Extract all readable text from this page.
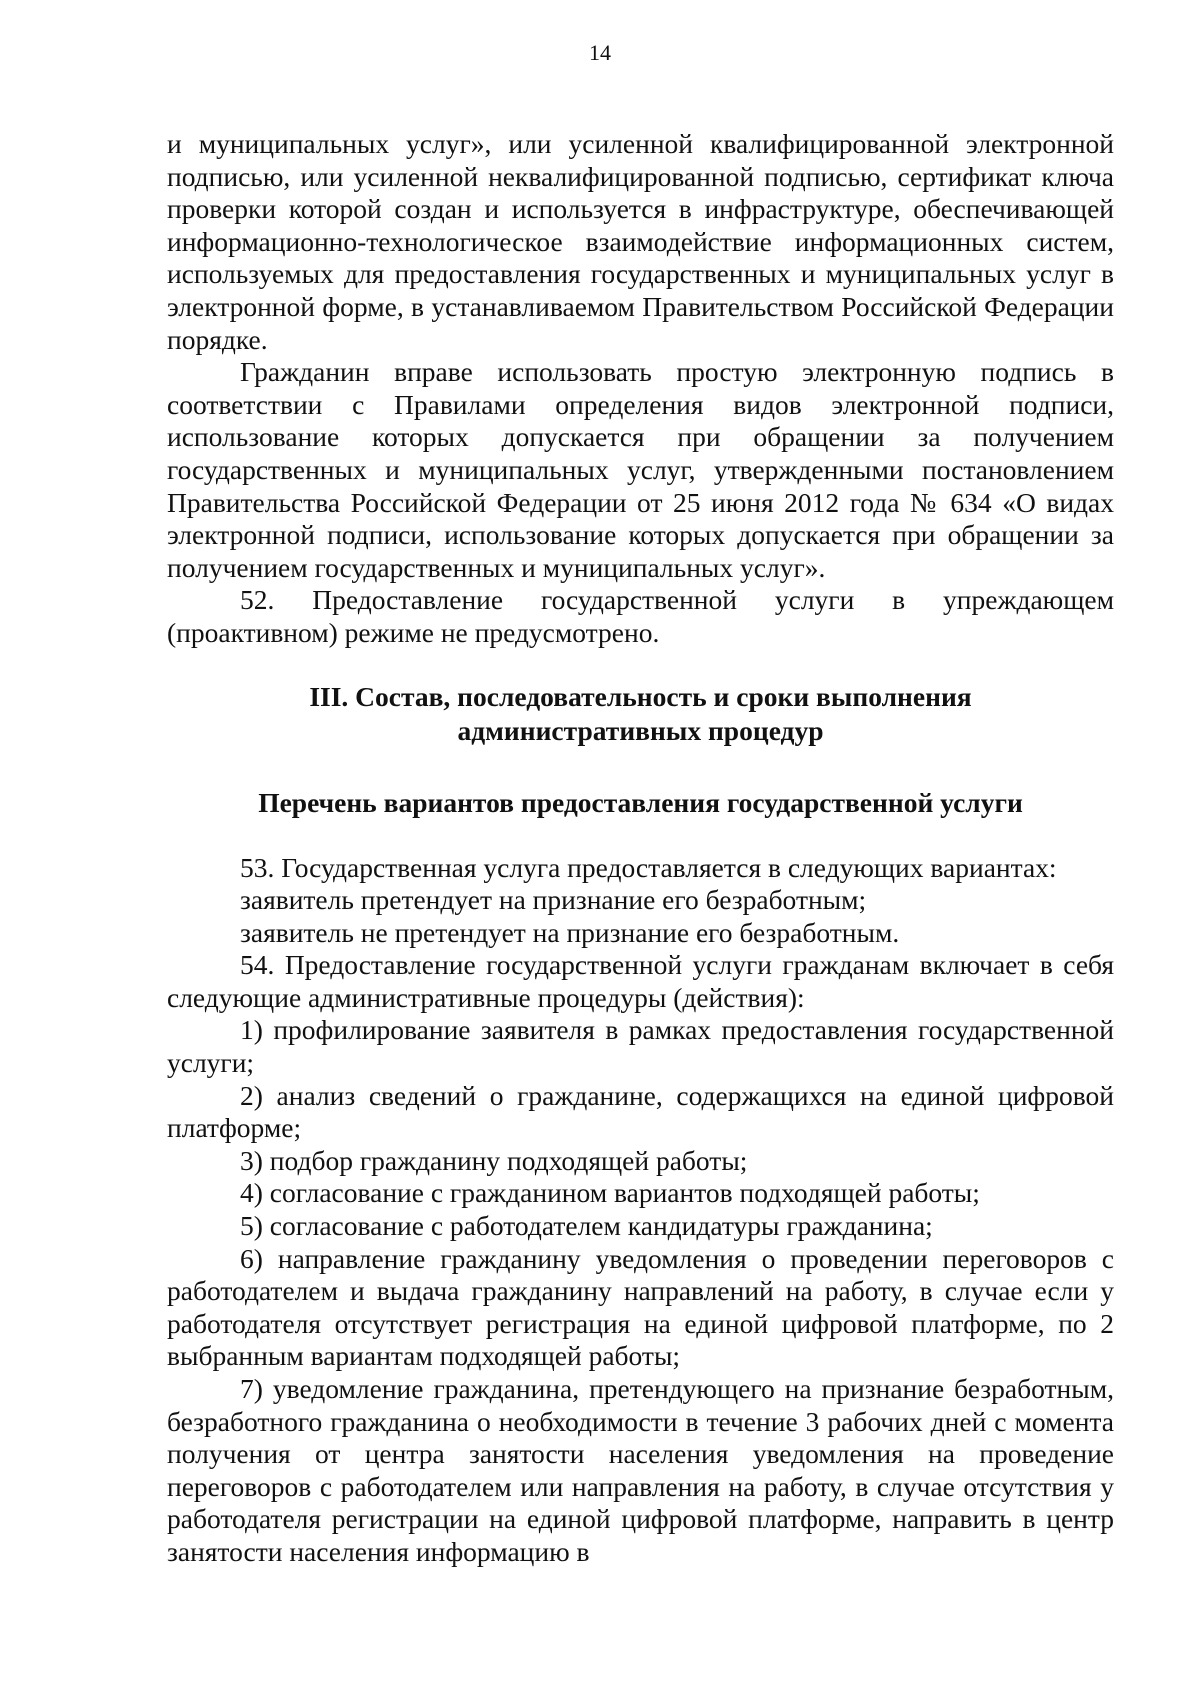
14

и муниципальных услуг», или усиленной квалифицированной электронной подписью, или усиленной неквалифицированной подписью, сертификат ключа проверки которой создан и используется в инфраструктуре, обеспечивающей информационно-технологическое взаимодействие информационных систем, используемых для предоставления государственных и муниципальных услуг в электронной форме, в устанавливаемом Правительством Российской Федерации порядке.

Гражданин вправе использовать простую электронную подпись в соответствии с Правилами определения видов электронной подписи, использование которых допускается при обращении за получением государственных и муниципальных услуг, утвержденными постановлением Правительства Российской Федерации от 25 июня 2012 года № 634 «О видах электронной подписи, использование которых допускается при обращении за получением государственных и муниципальных услуг».

52. Предоставление государственной услуги в упреждающем (проактивном) режиме не предусмотрено.

III. Состав, последовательность и сроки выполнения
административных процедур
Перечень вариантов предоставления государственной услуги

53. Государственная услуга предоставляется в следующих вариантах:

заявитель претендует на признание его безработным;

заявитель не претендует на признание его безработным.

54. Предоставление государственной услуги гражданам включает в себя следующие административные процедуры (действия):

1) профилирование заявителя в рамках предоставления государственной услуги;

2) анализ сведений о гражданине, содержащихся на единой цифровой платформе;

3) подбор гражданину подходящей работы;

4) согласование с гражданином вариантов подходящей работы;

5) согласование с работодателем кандидатуры гражданина;

6) направление гражданину уведомления о проведении переговоров с работодателем и выдача гражданину направлений на работу, в случае если у работодателя отсутствует регистрация на единой цифровой платформе, по 2 выбранным вариантам подходящей работы;

7) уведомление гражданина, претендующего на признание безработным, безработного гражданина о необходимости в течение 3 рабочих дней с момента получения от центра занятости населения уведомления на проведение переговоров с работодателем или направления на работу, в случае отсутствия у работодателя регистрации на единой цифровой платформе, направить в центр занятости населения информацию в
